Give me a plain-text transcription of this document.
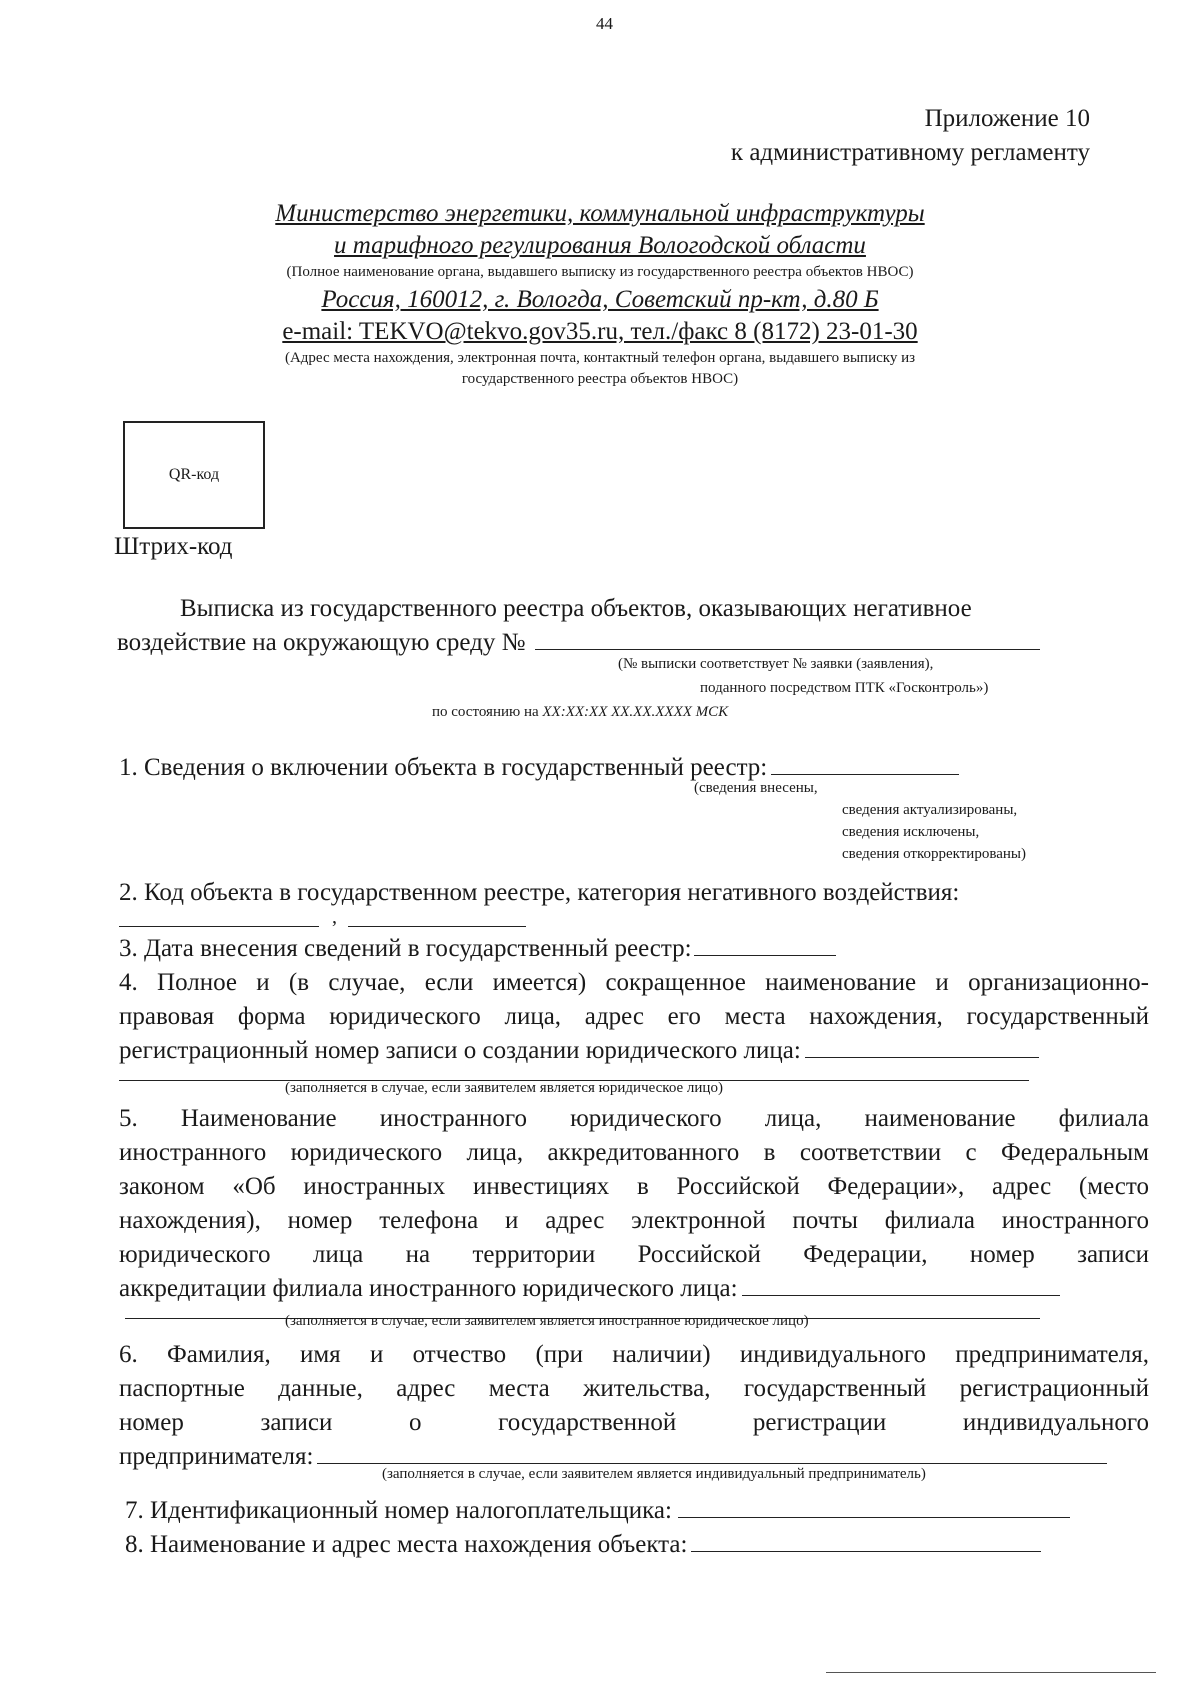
44
Приложение 10
к административному регламенту
Министерство энергетики, коммунальной инфраструктуры
и тарифного регулирования Вологодской области
(Полное наименование органа, выдавшего выписку из государственного реестра объектов НВОС)
Россия, 160012, г. Вологда, Советский пр-кт, д.80 Б
e-mail: TEKVO@tekvo.gov35.ru, тел./факс 8 (8172) 23-01-30
(Адрес места нахождения, электронная почта, контактный телефон органа, выдавшего выписку из
государственного реестра объектов НВОС)
QR-код
Штрих-код
Выписка из государственного реестра объектов, оказывающих негативное
воздействие на окружающую среду №
(№ выписки соответствует № заявки (заявления),
поданного посредством ПТК «Госконтроль»)
по состоянию на XX:XX:XX XX.XX.XXXX МСК
1. Сведения о включении объекта в государственный реестр:
(сведения внесены,
сведения актуализированы,
сведения исключены,
сведения откорректированы)
2. Код объекта в государственном реестре, категория негативного воздействия:
,
3. Дата внесения сведений в государственный реестр:
4. Полное и (в случае, если имеется) сокращенное наименование и организационно-
правовая форма юридического лица, адрес его места нахождения, государственный
регистрационный номер записи о создании юридического лица:
(заполняется в случае, если заявителем является юридическое лицо)
5. Наименование иностранного юридического лица, наименование филиала
иностранного юридического лица, аккредитованного в соответствии с Федеральным
законом «Об иностранных инвестициях в Российской Федерации», адрес (место
нахождения), номер телефона и адрес электронной почты филиала иностранного
юридического лица на территории Российской Федерации, номер записи
аккредитации филиала иностранного юридического лица:
(заполняется в случае, если заявителем является иностранное юридическое лицо)
6. Фамилия, имя и отчество (при наличии) индивидуального предпринимателя,
паспортные данные, адрес места жительства, государственный регистрационный
номер записи о государственной регистрации индивидуального
предпринимателя:
(заполняется в случае, если заявителем является индивидуальный предприниматель)
7. Идентификационный номер налогоплательщика:
8. Наименование и адрес места нахождения объекта:
